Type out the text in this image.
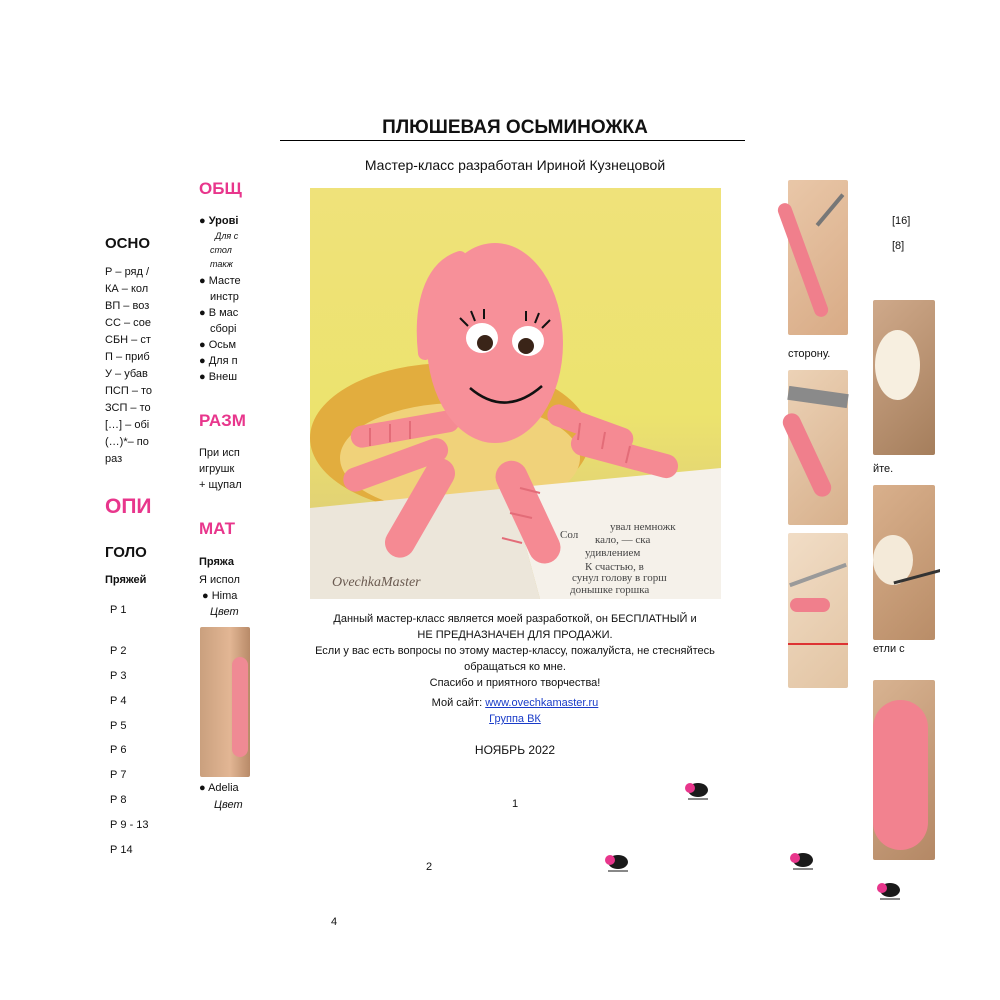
ОСНО
Р – ряд /
КА – кол
ВП – воз
СС – сое
СБН – ст
П – приб
У – убав
ПСП – то
ЗСП – то
[…] – обі
(…)*– по
раз
ОПИ
ГОЛО
Пряжей
Р 1
Р 2
Р 3
Р 4
Р 5
Р 6
Р 7
Р 8
Р 9 - 13
Р 14
4
ОБЩ
● Урові
Для с
стол
такж
● Масте
инстр
● В мас
сборі
● Осьм
● Для п
● Внеш
РАЗМ
При исп
игрушк
+ щупал
МАТ
Пряжа
Я испол
● Hima
Цвет
● Adelia
Цвет
2
[16]
[8]
сторону.
йте.
етли с
ПЛЮШЕВАЯ ОСЬМИНОЖКА
Мастер-класс разработан Ириной Кузнецовой
Сол кало, — ска
удивлением
сунул голову в горш
К счастью, в
донышке горшка
увал немножк
OvechkaMaster
Данный мастер-класс является моей разработкой, он БЕСПЛАТНЫЙ и
НЕ ПРЕДНАЗНАЧЕН ДЛЯ ПРОДАЖИ.
Если у вас есть вопросы по этому мастер-классу, пожалуйста, не стесняйтесь
обращаться ко мне.
Спасибо и приятного творчества!
Мой сайт: www.ovechkamaster.ru
Группа ВК
НОЯБРЬ 2022
1
